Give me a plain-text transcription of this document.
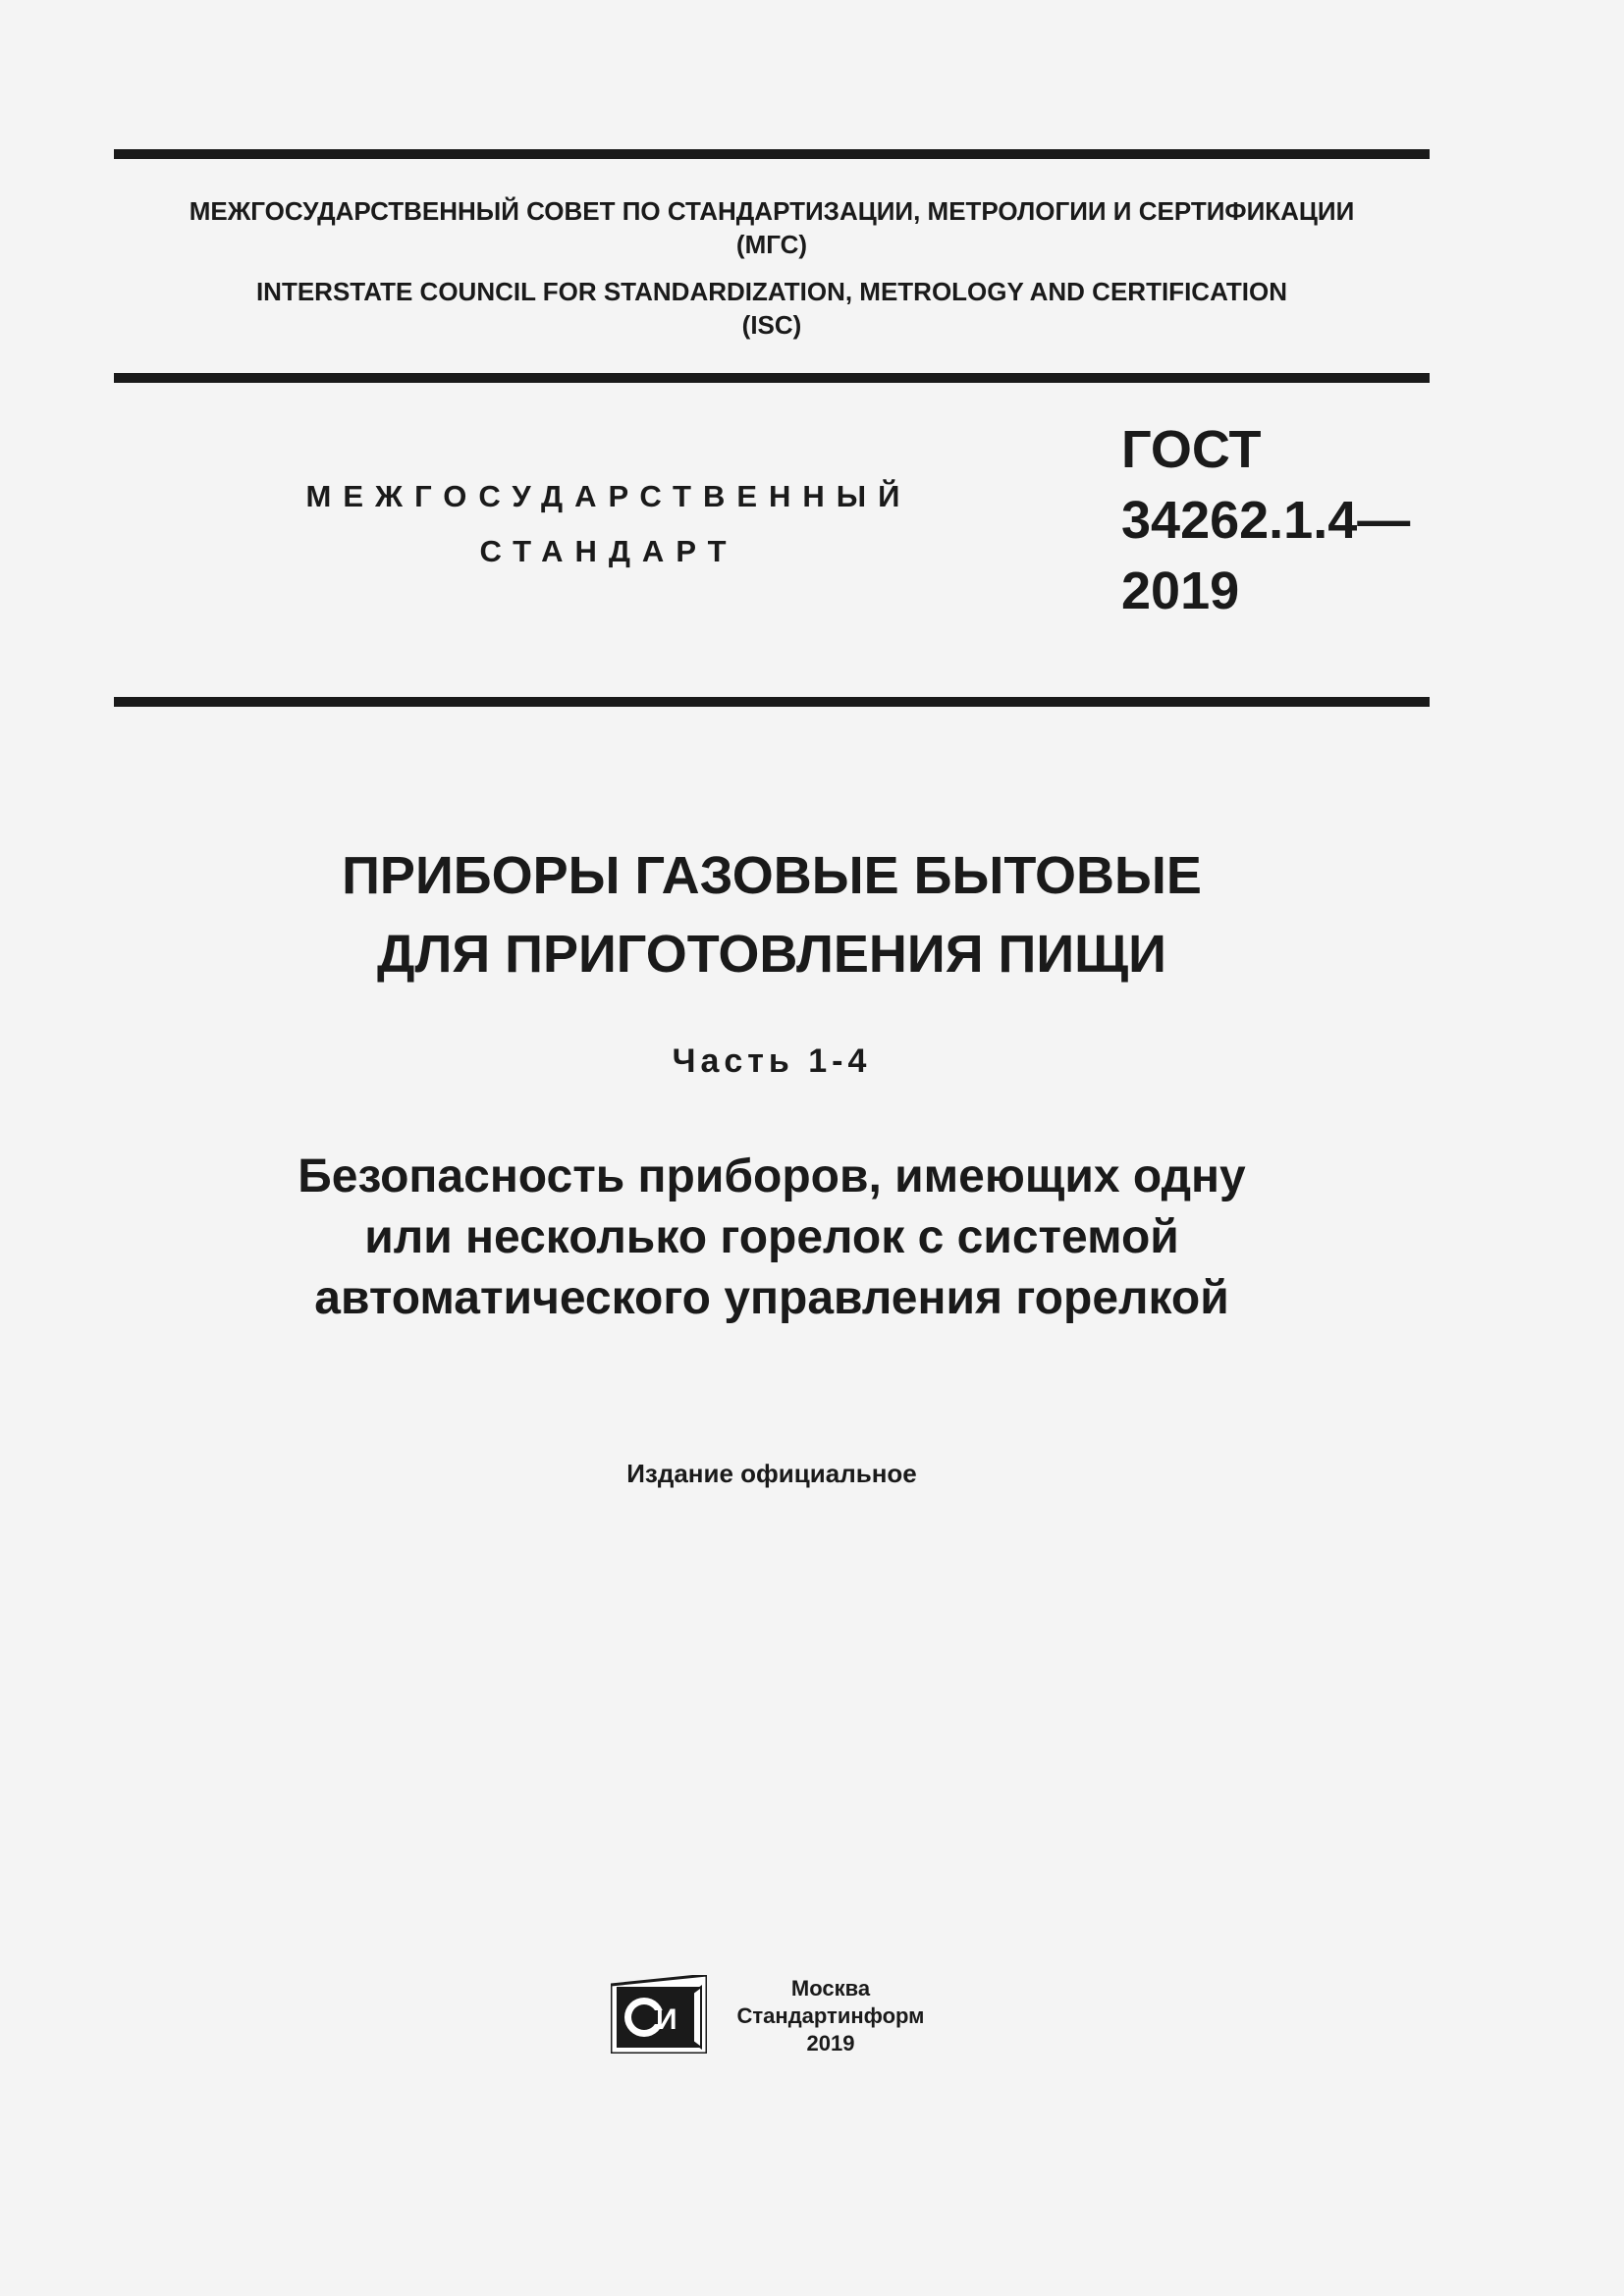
МЕЖГОСУДАРСТВЕННЫЙ СОВЕТ ПО СТАНДАРТИЗАЦИИ, МЕТРОЛОГИИ И СЕРТИФИКАЦИИ
(МГС)
INTERSTATE COUNCIL FOR STANDARDIZATION, METROLOGY AND CERTIFICATION
(ISC)
МЕЖГОСУДАРСТВЕННЫЙ
СТАНДАРТ
ГОСТ
34262.1.4—
2019
ПРИБОРЫ ГАЗОВЫЕ БЫТОВЫЕ
ДЛЯ ПРИГОТОВЛЕНИЯ ПИЩИ
Часть 1-4
Безопасность приборов, имеющих одну
или несколько горелок с системой
автоматического управления горелкой
Издание официальное
И
Москва
Стандартинформ
2019
